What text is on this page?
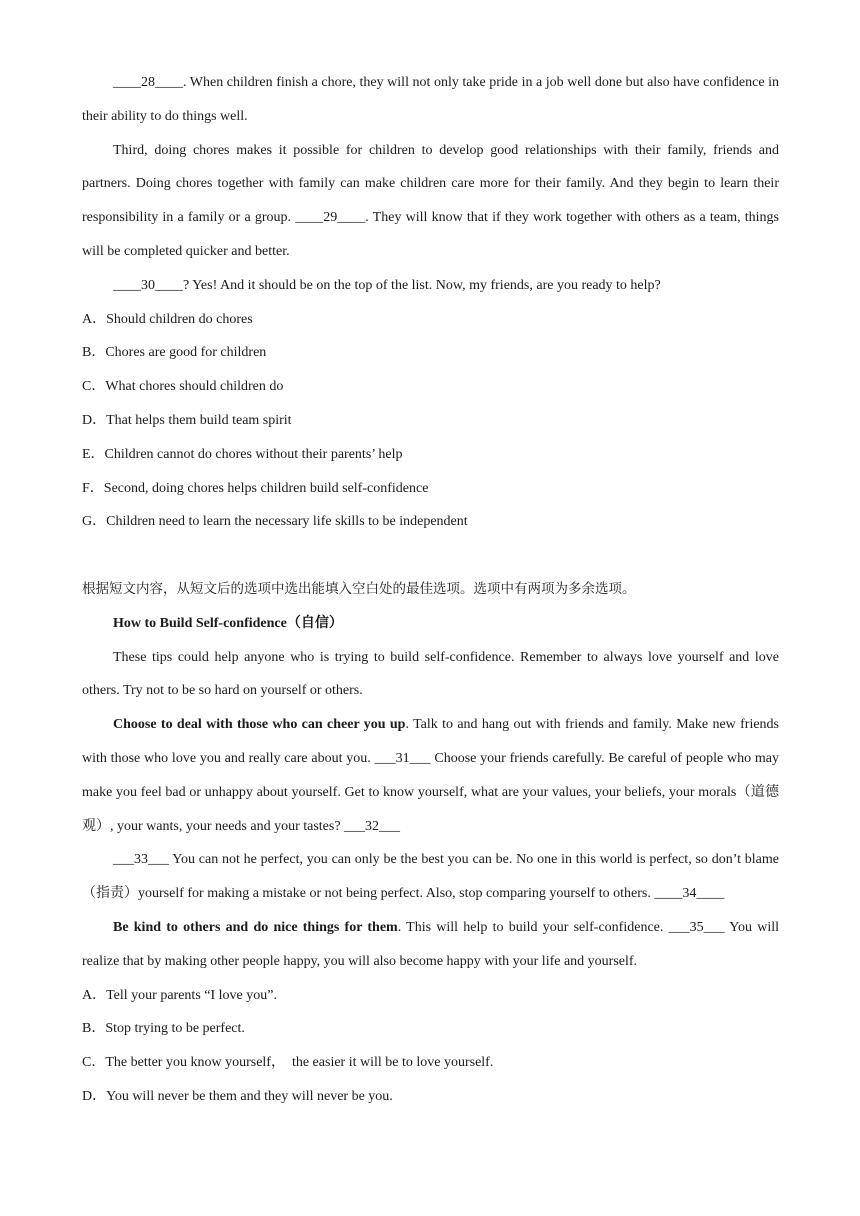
____28____. When children finish a chore, they will not only take pride in a job well done but also have confidence in their ability to do things well.

Third, doing chores makes it possible for children to develop good relationships with their family, friends and partners. Doing chores together with family can make children care more for their family. And they begin to learn their responsibility in a family or a group. ____29____. They will know that if they work together with others as a team, things will be completed quicker and better.

____30____? Yes! And it should be on the top of the list. Now, my friends, are you ready to help?

A．Should children do chores
B．Chores are good for children
C．What chores should children do
D．That helps them build team spirit
E．Children cannot do chores without their parents’ help
F．Second, doing chores helps children build self-confidence
G．Children need to learn the necessary life skills to be independent
根据短文内容，从短文后的选项中选出能填入空白处的最佳选项。选项中有两项为多余选项。
How to Build Self-confidence（自信）

These tips could help anyone who is trying to build self-confidence. Remember to always love yourself and love others. Try not to be so hard on yourself or others.

Choose to deal with those who can cheer you up. Talk to and hang out with friends and family. Make new friends with those who love you and really care about you. ___31___ Choose your friends carefully. Be careful of people who may make you feel bad or unhappy about yourself. Get to know yourself, what are your values, your beliefs, your morals（道德观）, your wants, your needs and your tastes? ___32___

___33___ You can not he perfect, you can only be the best you can be. No one in this world is perfect, so don’t blame（指责）yourself for making a mistake or not being perfect. Also, stop comparing yourself to others. ____34____

Be kind to others and do nice things for them. This will help to build your self-confidence. ___35___ You will realize that by making other people happy, you will also become happy with your life and yourself.

A．Tell your parents “I love you”.
B．Stop trying to be perfect.
C．The better you know yourself，  the easier it will be to love yourself.
D．You will never be them and they will never be you.
